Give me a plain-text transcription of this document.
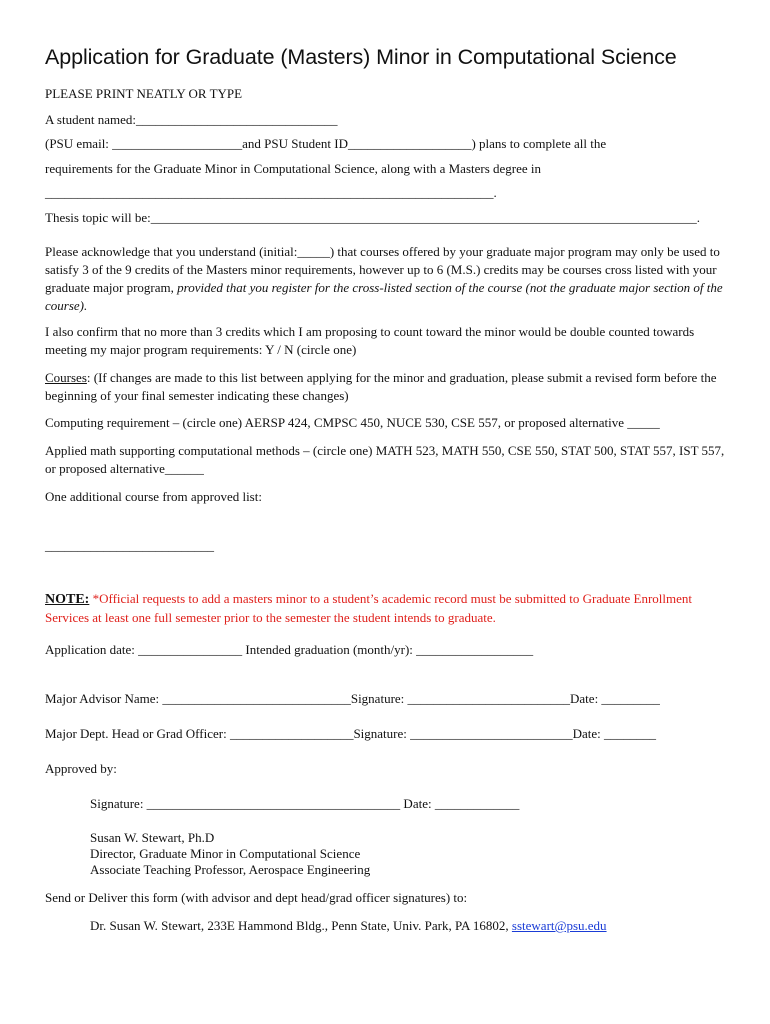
Application for Graduate (Masters) Minor in Computational Science
PLEASE PRINT NEATLY OR TYPE
A student named:_______________________________
(PSU email: ____________________and PSU Student ID___________________) plans to complete all the
requirements for the Graduate Minor in Computational Science, along with a Masters degree in
_____________________________________________________________________.
Thesis topic will be:____________________________________________________________________________________.

Please acknowledge that you understand (initial:_____) that courses offered by your graduate major program may only be used to satisfy 3 of the 9 credits of the Masters minor requirements, however up to 6 (M.S.) credits may be courses cross listed with your graduate major program, provided that you register for the cross-listed section of the course (not the graduate major section of the course).

I also confirm that no more than 3 credits which I am proposing to count toward the minor would be double counted towards meeting my major program requirements: Y / N (circle one)

Courses: (If changes are made to this list between applying for the minor and graduation, please submit a revised form before the beginning of your final semester indicating these changes)

Computing requirement – (circle one) AERSP 424, CMPSC 450, NUCE 530, CSE 557, or proposed alternative _____

Applied math supporting computational methods – (circle one) MATH 523, MATH 550, CSE 550, STAT 500, STAT 557, IST 557, or proposed alternative______

One additional course from approved list:
__________________________

NOTE: *Official requests to add a masters minor to a student’s academic record must be submitted to Graduate Enrollment Services at least one full semester prior to the semester the student intends to graduate.

Application date: ________________ Intended graduation (month/yr): __________________
Major Advisor Name: _____________________________Signature: _________________________Date: _________
Major Dept. Head or Grad Officer: ___________________Signature: _________________________Date: ________
Approved by:
Signature: _______________________________________ Date: _____________
Susan W. Stewart, Ph.D
Director, Graduate Minor in Computational Science
Associate Teaching Professor, Aerospace Engineering
Send or Deliver this form (with advisor and dept head/grad officer signatures) to:
Dr. Susan W. Stewart, 233E Hammond Bldg., Penn State, Univ. Park, PA 16802, sstewart@psu.edu
